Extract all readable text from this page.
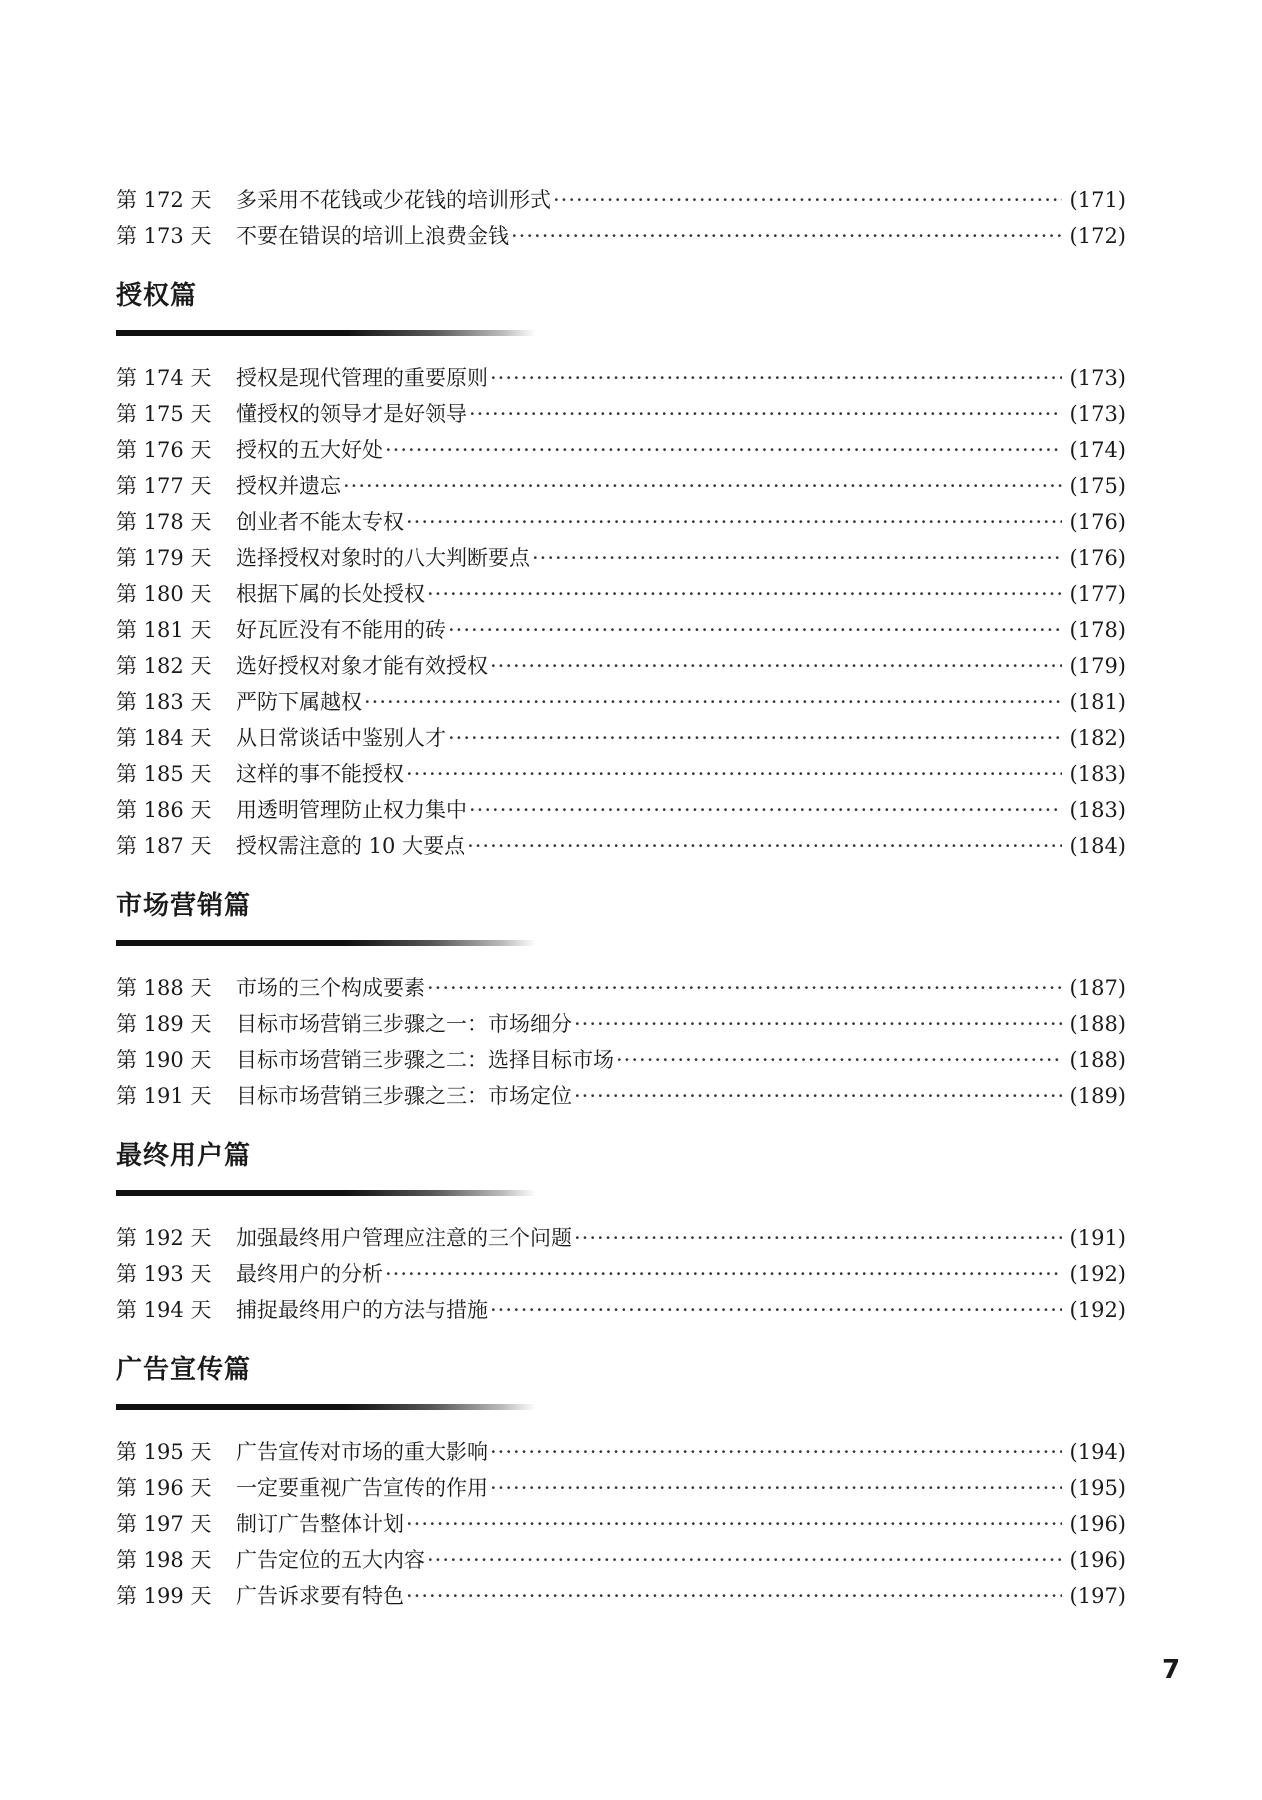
第 172 天	多采用不花钱或少花钱的培训形式 ·····	(171)
第 173 天	不要在错误的培训上浪费金钱 ·····	(172)
授权篇
第 174 天	授权是现代管理的重要原则 ·····	(173)
第 175 天	懂授权的领导才是好领导 ·····	(173)
第 176 天	授权的五大好处 ·····	(174)
第 177 天	授权并遗忘 ·····	(175)
第 178 天	创业者不能太专权 ·····	(176)
第 179 天	选择授权对象时的八大判断要点 ·····	(176)
第 180 天	根据下属的长处授权 ·····	(177)
第 181 天	好瓦匠没有不能用的砖 ·····	(178)
第 182 天	选好授权对象才能有效授权 ·····	(179)
第 183 天	严防下属越权 ·····	(181)
第 184 天	从日常谈话中鉴别人才 ·····	(182)
第 185 天	这样的事不能授权 ·····	(183)
第 186 天	用透明管理防止权力集中 ·····	(183)
第 187 天	授权需注意的 10 大要点 ·····	(184)
市场营销篇
第 188 天	市场的三个构成要素 ·····	(187)
第 189 天	目标市场营销三步骤之一：市场细分 ·····	(188)
第 190 天	目标市场营销三步骤之二：选择目标市场 ·····	(188)
第 191 天	目标市场营销三步骤之三：市场定位 ·····	(189)
最终用户篇
第 192 天	加强最终用户管理应注意的三个问题 ·····	(191)
第 193 天	最终用户的分析 ·····	(192)
第 194 天	捕捉最终用户的方法与措施 ·····	(192)
广告宣传篇
第 195 天	广告宣传对市场的重大影响 ·····	(194)
第 196 天	一定要重视广告宣传的作用 ·····	(195)
第 197 天	制订广告整体计划 ·····	(196)
第 198 天	广告定位的五大内容 ·····	(196)
第 199 天	广告诉求要有特色 ·····	(197)
7
